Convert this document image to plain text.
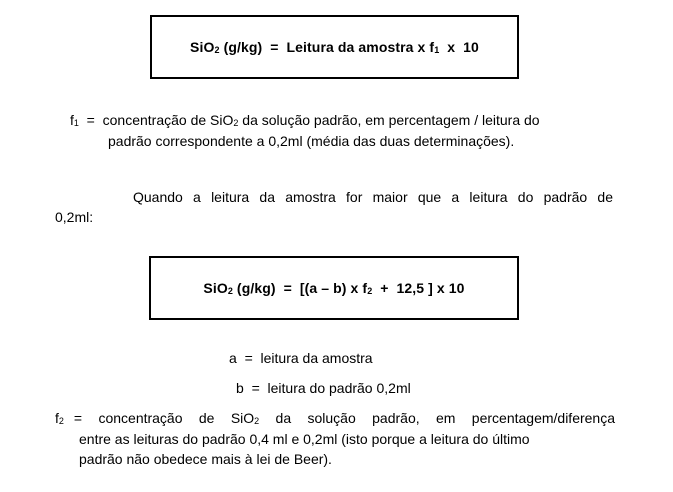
SiO2 (g/kg)  =  Leitura da amostra x f1  x  10
f1  =  concentração de SiO2 da solução padrão, em percentagem / leitura do
padrão correspondente a 0,2ml (média das duas determinações).
Quando a leitura da amostra for maior que a leitura do padrão de
0,2ml:
SiO2 (g/kg)  =  [(a – b) x f2  +  12,5 ] x 10
a  =  leitura da amostra
b  =  leitura do padrão 0,2ml
f2 = concentração de SiO2 da solução padrão, em percentagem/diferença
entre as leituras do padrão 0,4 ml e 0,2ml (isto porque a leitura do último
padrão não obedece mais à lei de Beer).
